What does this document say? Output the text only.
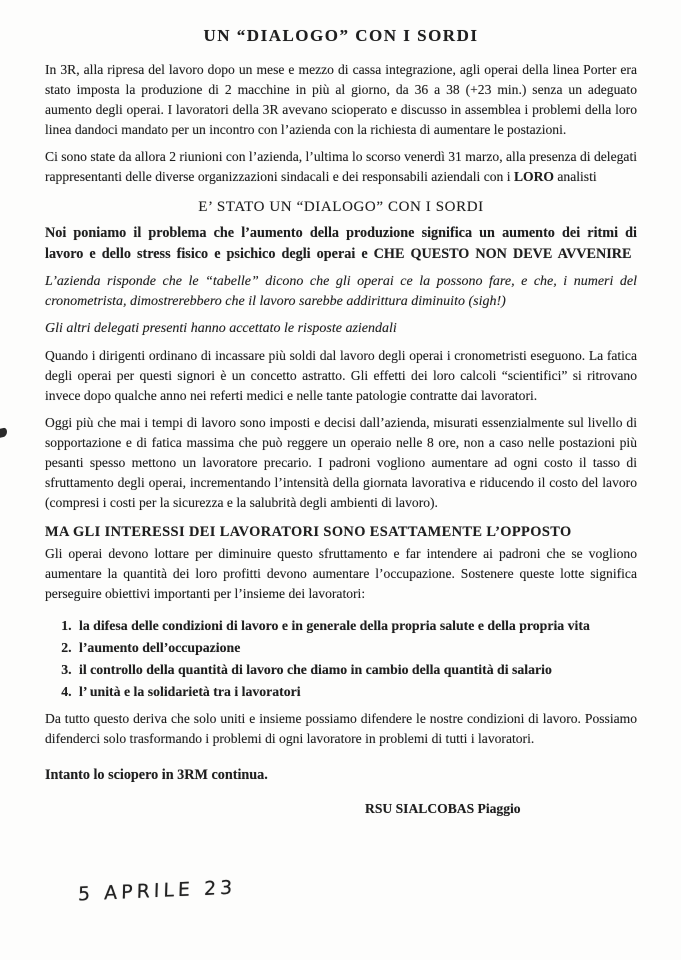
UN “DIALOGO” CON I SORDI

In 3R, alla ripresa del lavoro dopo un mese e mezzo di cassa integrazione, agli operai della linea Porter era stato imposta la produzione di 2 macchine in più al giorno, da 36 a 38 (+23 min.) senza un adeguato aumento degli operai. I lavoratori della 3R avevano scioperato e discusso in assemblea i problemi della loro linea dandoci mandato per un incontro con l’azienda con la richiesta di aumentare le postazioni.

Ci sono state da allora 2 riunioni con l’azienda, l’ultima lo scorso venerdì 31 marzo, alla presenza di delegati rappresentanti delle diverse organizzazioni sindacali e dei responsabili aziendali con i LORO analisti

E’ STATO UN “DIALOGO” CON I SORDI

Noi poniamo il problema che l’aumento della produzione significa un aumento dei ritmi di lavoro e dello stress fisico e psichico degli operai e CHE QUESTO NON DEVE AVVENIRE

L’azienda risponde che le “tabelle” dicono che gli operai ce la possono fare, e che, i numeri del cronometrista, dimostrerebbero che il lavoro sarebbe addirittura diminuito (sigh!)

Gli altri delegati presenti hanno accettato le risposte aziendali

Quando i dirigenti ordinano di incassare più soldi dal lavoro degli operai i cronometristi eseguono. La fatica degli operai per questi signori è un concetto astratto. Gli effetti dei loro calcoli “scientifici” si ritrovano invece dopo qualche anno nei referti medici e nelle tante patologie contratte dai lavoratori.

Oggi più che mai i tempi di lavoro sono imposti e decisi dall’azienda, misurati essenzialmente sul livello di sopportazione e di fatica massima che può reggere un operaio nelle 8 ore, non a caso nelle postazioni più pesanti spesso mettono un lavoratore precario. I padroni vogliono aumentare ad ogni costo il tasso di sfruttamento degli operai, incrementando l’intensità della giornata lavorativa e riducendo il costo del lavoro (compresi i costi per la sicurezza e la salubrità degli ambienti di lavoro).

MA GLI INTERESSI DEI LAVORATORI SONO ESATTAMENTE L’OPPOSTO

Gli operai devono lottare per diminuire questo sfruttamento e far intendere ai padroni che se vogliono aumentare la quantità dei loro profitti devono aumentare l’occupazione. Sostenere queste lotte significa perseguire obiettivi importanti per l’insieme dei lavoratori:

1. la difesa delle condizioni di lavoro e in generale della propria salute e della propria vita
2. l’aumento dell’occupazione
3. il controllo della quantità di lavoro che diamo in cambio della quantità di salario
4. l’ unità e la solidarietà tra i lavoratori

Da tutto questo deriva che solo uniti e insieme possiamo difendere le nostre condizioni di lavoro. Possiamo difenderci solo trasformando i problemi di ogni lavoratore in problemi di tutti i lavoratori.

Intanto lo sciopero in 3RM continua.

RSU SIALCOBAS Piaggio

5 APRILE 23
